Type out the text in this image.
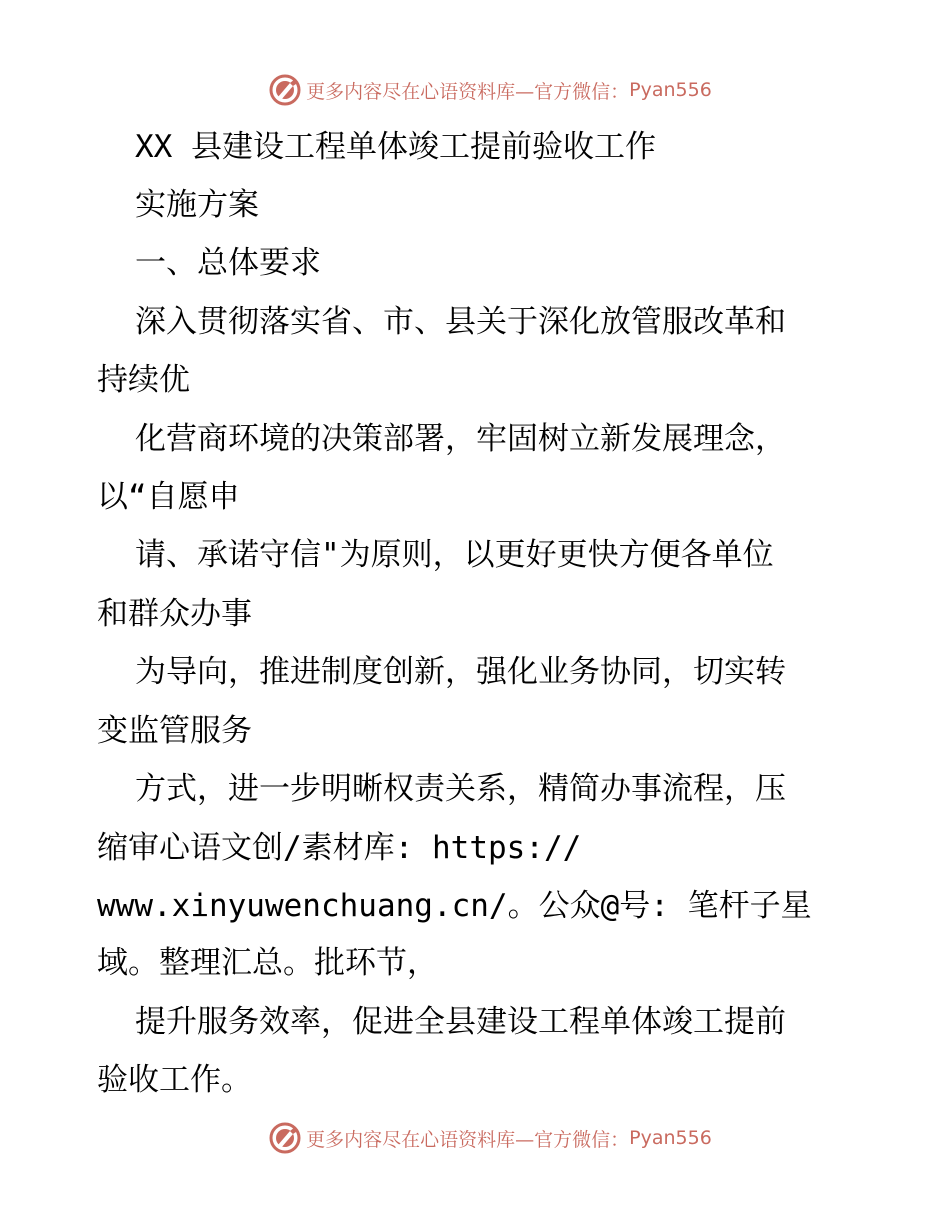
更多内容尽在心语资料库—官方微信： Pyan556
XX 县建设工程单体竣工提前验收工作
实施方案
一、总体要求
深入贯彻落实省、市、县关于深化放管服改革和
持续优
化营商环境的决策部署，牢固树立新发展理念，
以“自愿申
请、承诺守信"为原则，以更好更快方便各单位
和群众办事
为导向，推进制度创新，强化业务协同，切实转
变监管服务
方式，进一步明晰权责关系，精简办事流程，压
缩审心语文创/素材库: https://
www.xinyuwenchuang.cn/。公众@号: 笔杆子星
域。整理汇总。批环节，
提升服务效率，促进全县建设工程单体竣工提前
验收工作。
更多内容尽在心语资料库—官方微信： Pyan556
